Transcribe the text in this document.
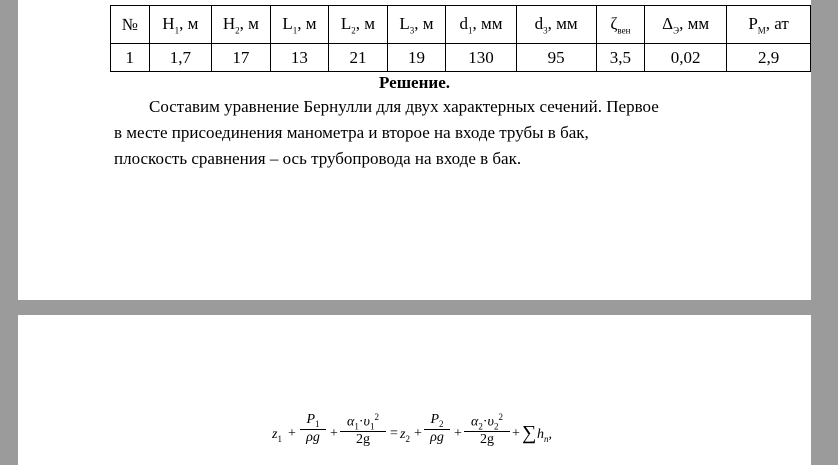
№	$H_1$, м	$H_2$, м	$L_1$, м	$L_2$, м	$L_3$, м	$d_1$, мм	$d_3$, мм	$\zeta_{вен}$	$\Delta_Э$, мм	$P_М$, ат
1	1,7	17	13	21	19	130	95	3,5	0,02	2,9
Решение.
Составим уравнение Бернулли для двух характерных сечений. Первое
в месте присоединения манометра и второе на входе трубы в бак,
плоскость сравнения – ось трубопровода на входе в бак.
$z_1 + \frac{P_1}{\rho g} + \frac{\alpha_1\cdot\upsilon_1^2}{2g} = z_2 + \frac{P_2}{\rho g} + \frac{\alpha_2\cdot\upsilon_2^2}{2g}$ + ∑ $h_п$,
